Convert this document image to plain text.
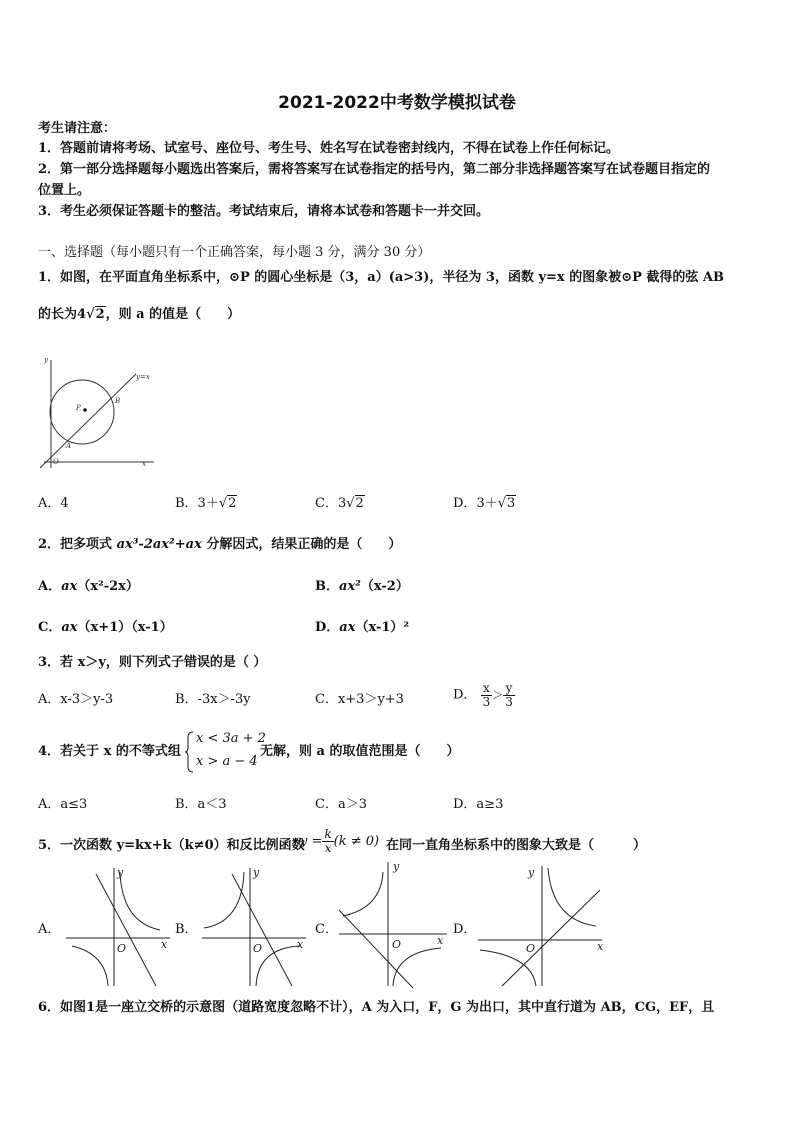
2021-2022中考数学模拟试卷
考生请注意：
1．答题前请将考场、试室号、座位号、考生号、姓名写在试卷密封线内，不得在试卷上作任何标记。
2．第一部分选择题每小题选出答案后，需将答案写在试卷指定的括号内，第二部分非选择题答案写在试卷题目指定的
位置上。
3．考生必须保证答题卡的整洁。考试结束后，请将本试卷和答题卡一并交回。
一、选择题（每小题只有一个正确答案，每小题 3 分，满分 30 分）
1．如图，在平面直角坐标系中，⊙P 的圆心坐标是（3，a）(a>3)，半径为 3，函数 y=x 的图象被⊙P 截得的弦 AB
的长为4√2，则 a 的值是（　　）
y
x
O
P
A
B
y=x
A．4	B．3＋√2	C．3√2	D．3＋√3
2．把多项式 ax³-2ax²+ax 分解因式，结果正确的是（　　）
A．ax（x²-2x）	B．ax²（x-2）
C．ax（x+1）（x-1）	D．ax（x-1）²
3．若 x＞y，则下列式子错误的是（ ）
A．x-3＞y-3	B．-3x＞-3y	C．x+3＞y+3	D． $\frac{x}{3} > \frac{y}{3}$
4．若关于 x 的不等式组
x < 3a + 2
x > a − 4
无解，则 a 的取值范围是（　　）
A．a≤3	B．a＜3	C．a＞3	D．a≥3
5．一次函数 y=kx+k（k≠0）和反比例函数
$y = \frac{k}{x} (k \ne 0)$ 在同一直角坐标系中的图象大致是（　　　）
A．	B．	C．	D．
y
x
O
y
x
O
y
x
O
y
x
O
6．如图1是一座立交桥的示意图（道路宽度忽略不计），A 为入口，F，G 为出口，其中直行道为 AB，CG，EF，且
